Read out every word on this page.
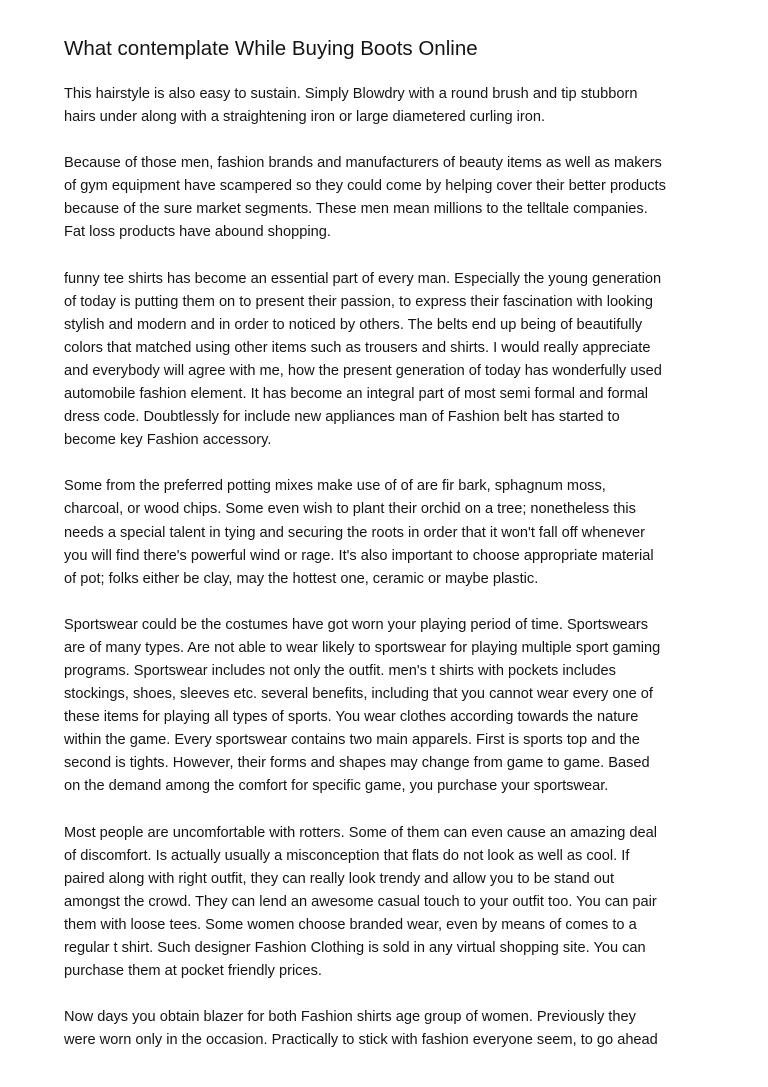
What contemplate While Buying Boots Online

This hairstyle is also easy to sustain. Simply Blowdry with a round brush and tip stubborn
hairs under along with a straightening iron or large diametered curling iron.

Because of those men, fashion brands and manufacturers of beauty items as well as makers
of gym equipment have scampered so they could come by helping cover their better products
because of the sure market segments. These men mean millions to the telltale companies.
Fat loss products have abound shopping.

funny tee shirts has become an essential part of every man. Especially the young generation
of today is putting them on to present their passion, to express their fascination with looking
stylish and modern and in order to noticed by others. The belts end up being of beautifully
colors that matched using other items such as trousers and shirts. I would really appreciate
and everybody will agree with me, how the present generation of today has wonderfully used
automobile fashion element. It has become an integral part of most semi formal and formal
dress code. Doubtlessly for include new appliances man of Fashion belt has started to
become key Fashion accessory.

Some from the preferred potting mixes make use of of are fir bark, sphagnum moss,
charcoal, or wood chips. Some even wish to plant their orchid on a tree; nonetheless this
needs a special talent in tying and securing the roots in order that it won't fall off whenever
you will find there's powerful wind or rage. It's also important to choose appropriate material
of pot; folks either be clay, may the hottest one, ceramic or maybe plastic.

Sportswear could be the costumes have got worn your playing period of time. Sportswears
are of many types. Are not able to wear likely to sportswear for playing multiple sport gaming
programs. Sportswear includes not only the outfit. men's t shirts with pockets includes
stockings, shoes, sleeves etc. several benefits, including that you cannot wear every one of
these items for playing all types of sports. You wear clothes according towards the nature
within the game. Every sportswear contains two main apparels. First is sports top and the
second is tights. However, their forms and shapes may change from game to game. Based
on the demand among the comfort for specific game, you purchase your sportswear.

Most people are uncomfortable with rotters. Some of them can even cause an amazing deal
of discomfort. Is actually usually a misconception that flats do not look as well as cool. If
paired along with right outfit, they can really look trendy and allow you to be stand out
amongst the crowd. They can lend an awesome casual touch to your outfit too. You can pair
them with loose tees. Some women choose branded wear, even by means of comes to a
regular t shirt. Such designer Fashion Clothing is sold in any virtual shopping site. You can
purchase them at pocket friendly prices.

Now days you obtain blazer for both Fashion shirts age group of women. Previously they
were worn only in the occasion. Practically to stick with fashion everyone seem, to go ahead
